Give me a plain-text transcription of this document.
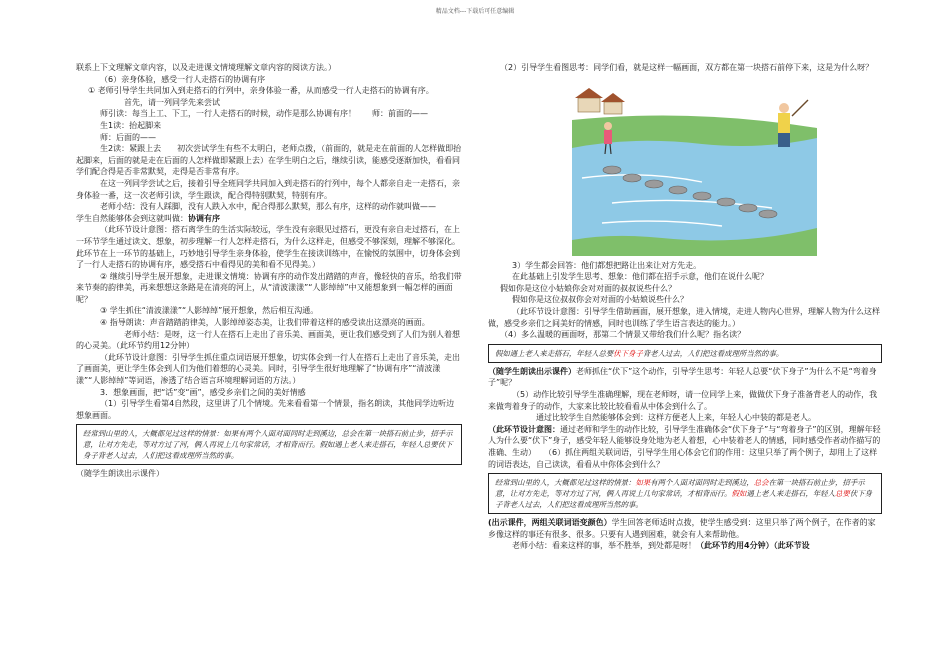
精品文档---下载后可任意编辑

联系上下文理解文章内容，以及走进课文情境理解文章内容的阅读方法。）

（6）亲身体验，感受一行人走搭石的协调有序

① 老师引导学生共同加入到走搭石的行列中，亲身体验一番，从而感受一行人走搭石的协调有序。

首先，请一列同学先来尝试

师引读：每当上工、下工，一行人走搭石的时候，动作是那么协调有序！　　师：前面的——

生1读：抬起脚来

师：后面的——

生2读：紧跟上去　　初次尝试学生有些不太明白，老师点拨，（前面的，就是走在前面的人怎样做即抬起脚来，后面的就是走在后面的人怎样做即紧跟上去）在学生明白之后，继续引读，能感受逐渐加快，看看同学们配合得是否非常默契，走得是否非常有序。

在这一列同学尝试之后，接着引导全班同学共同加入到走搭石的行列中，每个人都亲自走一走搭石，亲身体验一番，这一次老师引读，学生跟读，配合得特别默契，特别有序。

老师小结：没有人踩脚，没有人跌入水中，配合得那么默契，那么有序，这样的动作就叫做——

学生自然能够体会到这就叫做：协调有序

（此环节设计意图：搭石离学生的生活实际较远，学生没有亲眼见过搭石，更没有亲自走过搭石，在上一环节学生通过读文、想象，初步理解一行人怎样走搭石，为什么这样走，但感受不够深刻，理解不够深化。此环节在上一环节的基础上，巧妙地引导学生亲身体验，使学生在接读训练中，在愉悦的氛围中，切身体会到了一行人走搭石的协调有序，感受搭石中看得见的美和看不见得美。）

② 继续引导学生展开想象，走进课文情境：协调有序的动作发出踏踏的声音，像轻快的音乐，给我们带来节奏的韵律美，再来想想这条路是在清亮的河上，从“清波漾漾”“人影绰绰”中又能想象到一幅怎样的画面呢？

③ 学生抓住“清波漾漾”“人影绰绰”展开想象，然后相互沟通。

④ 指导朗读：声音踏踏韵律美，人影绰绰姿态美，让我们带着这样的感受读出这漂亮的画面。

老师小结：是呀，这一行人在搭石上走出了音乐美、画面美，更让我们感受到了人们为别人着想的心灵美。（此环节约用12分钟）

（此环节设计意图：引导学生抓住重点词语展开想象，切实体会到一行人在搭石上走出了音乐美，走出了画面美，更让学生体会到人们为他们着想的心灵美。同时，引导学生很好地理解了“协调有序”“清波漾漾”“人影绰绰”等词语，渗透了结合语言环境理解词语的方法。）

3．想象画面，把“话”变“画”，感受乡亲们之间的美好情感

（1）引导学生看第4自然段，这里讲了几个情境。先来看看第一个情景，指名朗读，其他同学边听边想象画面。

经常到山里的人，大概都见过这样的情景：如果有两个人面对面同时走到溪边，总会在第一块搭石前止步，招手示意，让对方先走，等对方过了河，俩人再说上几句家常话，才相背而行。假如遇上老人来走搭石，年轻人总要伏下身子背老人过去，人们把这看成理所当然的事。

（随学生朗读出示课件）

（2）引导学生看图思考：同学们看，就是这样一幅画面，双方都在第一块搭石前停下来，这是为什么呀？

3）学生都会回答：他们都想把路让出来让对方先走。

在此基础上引发学生思考、想象：他们都在招手示意，他们在说什么呢？

假如你是这位小姑娘你会对对面的叔叔说些什么？

假如你是这位叔叔你会对对面的小姑娘说些什么？

（此环节设计意图：引导学生借助画面，展开想象，进入情境，走进人物内心世界，理解人物为什么这样做，感受乡亲们之间美好的情感，同时也训练了学生语言表达的能力。）

（4）多么温暖的画面呀，那第二个情景又带给我们什么呢？指名读？

假如遇上老人来走搭石，年轻人总要伏下身子背老人过去，人们把这看成理所当然的事。

（随学生朗读出示课件）老师抓住“伏下”这个动作，引导学生思考：年轻人总要“伏下身子”为什么不是“弯着身子”呢？

（5）动作比较引导学生准确理解，现在老师呀，请一位同学上来，做做伏下身子准备背老人的动作，我来做弯着身子的动作，大家来比较比较看看从中体会到什么了。

通过比较学生自然能够体会到：这样方便老人上来，年轻人心中装的都是老人。

（此环节设计意图：通过老师和学生的动作比较，引导学生准确体会“伏下身子”与“弯着身子”的区别，理解年轻人为什么要“伏下”身子，感受年轻人能够设身处地为老人着想，心中装着老人的情感，同时感受作者动作描写的准确、生动）　　（6）抓住两组关联词语，引导学生用心体会它们的作用：这里只举了两个例子，却用上了这样的词语表达，自己读读，看看从中你体会到什么？

经常到山里的人，大概都见过这样的情景：如果有两个人面对面同时走到溪边，总会在第一块搭石前止步，招手示意，让对方先走，等对方过了河，俩人再说上几句家常话，才相背而行。假如遇上老人来走搭石，年轻人总要伏下身子背老人过去，人们把这看成理所当然的事。

(出示课件，两组关联词语变颜色）学生回答老师适时点拨，使学生感受到：这里只举了两个例子，在作者的家乡像这样的事还有很多、很多。只要有人遇到困难，就会有人来帮助他。

老师小结：看来这样的事，举不胜举，到处都是呀！（此环节约用4分钟）（此环节设
